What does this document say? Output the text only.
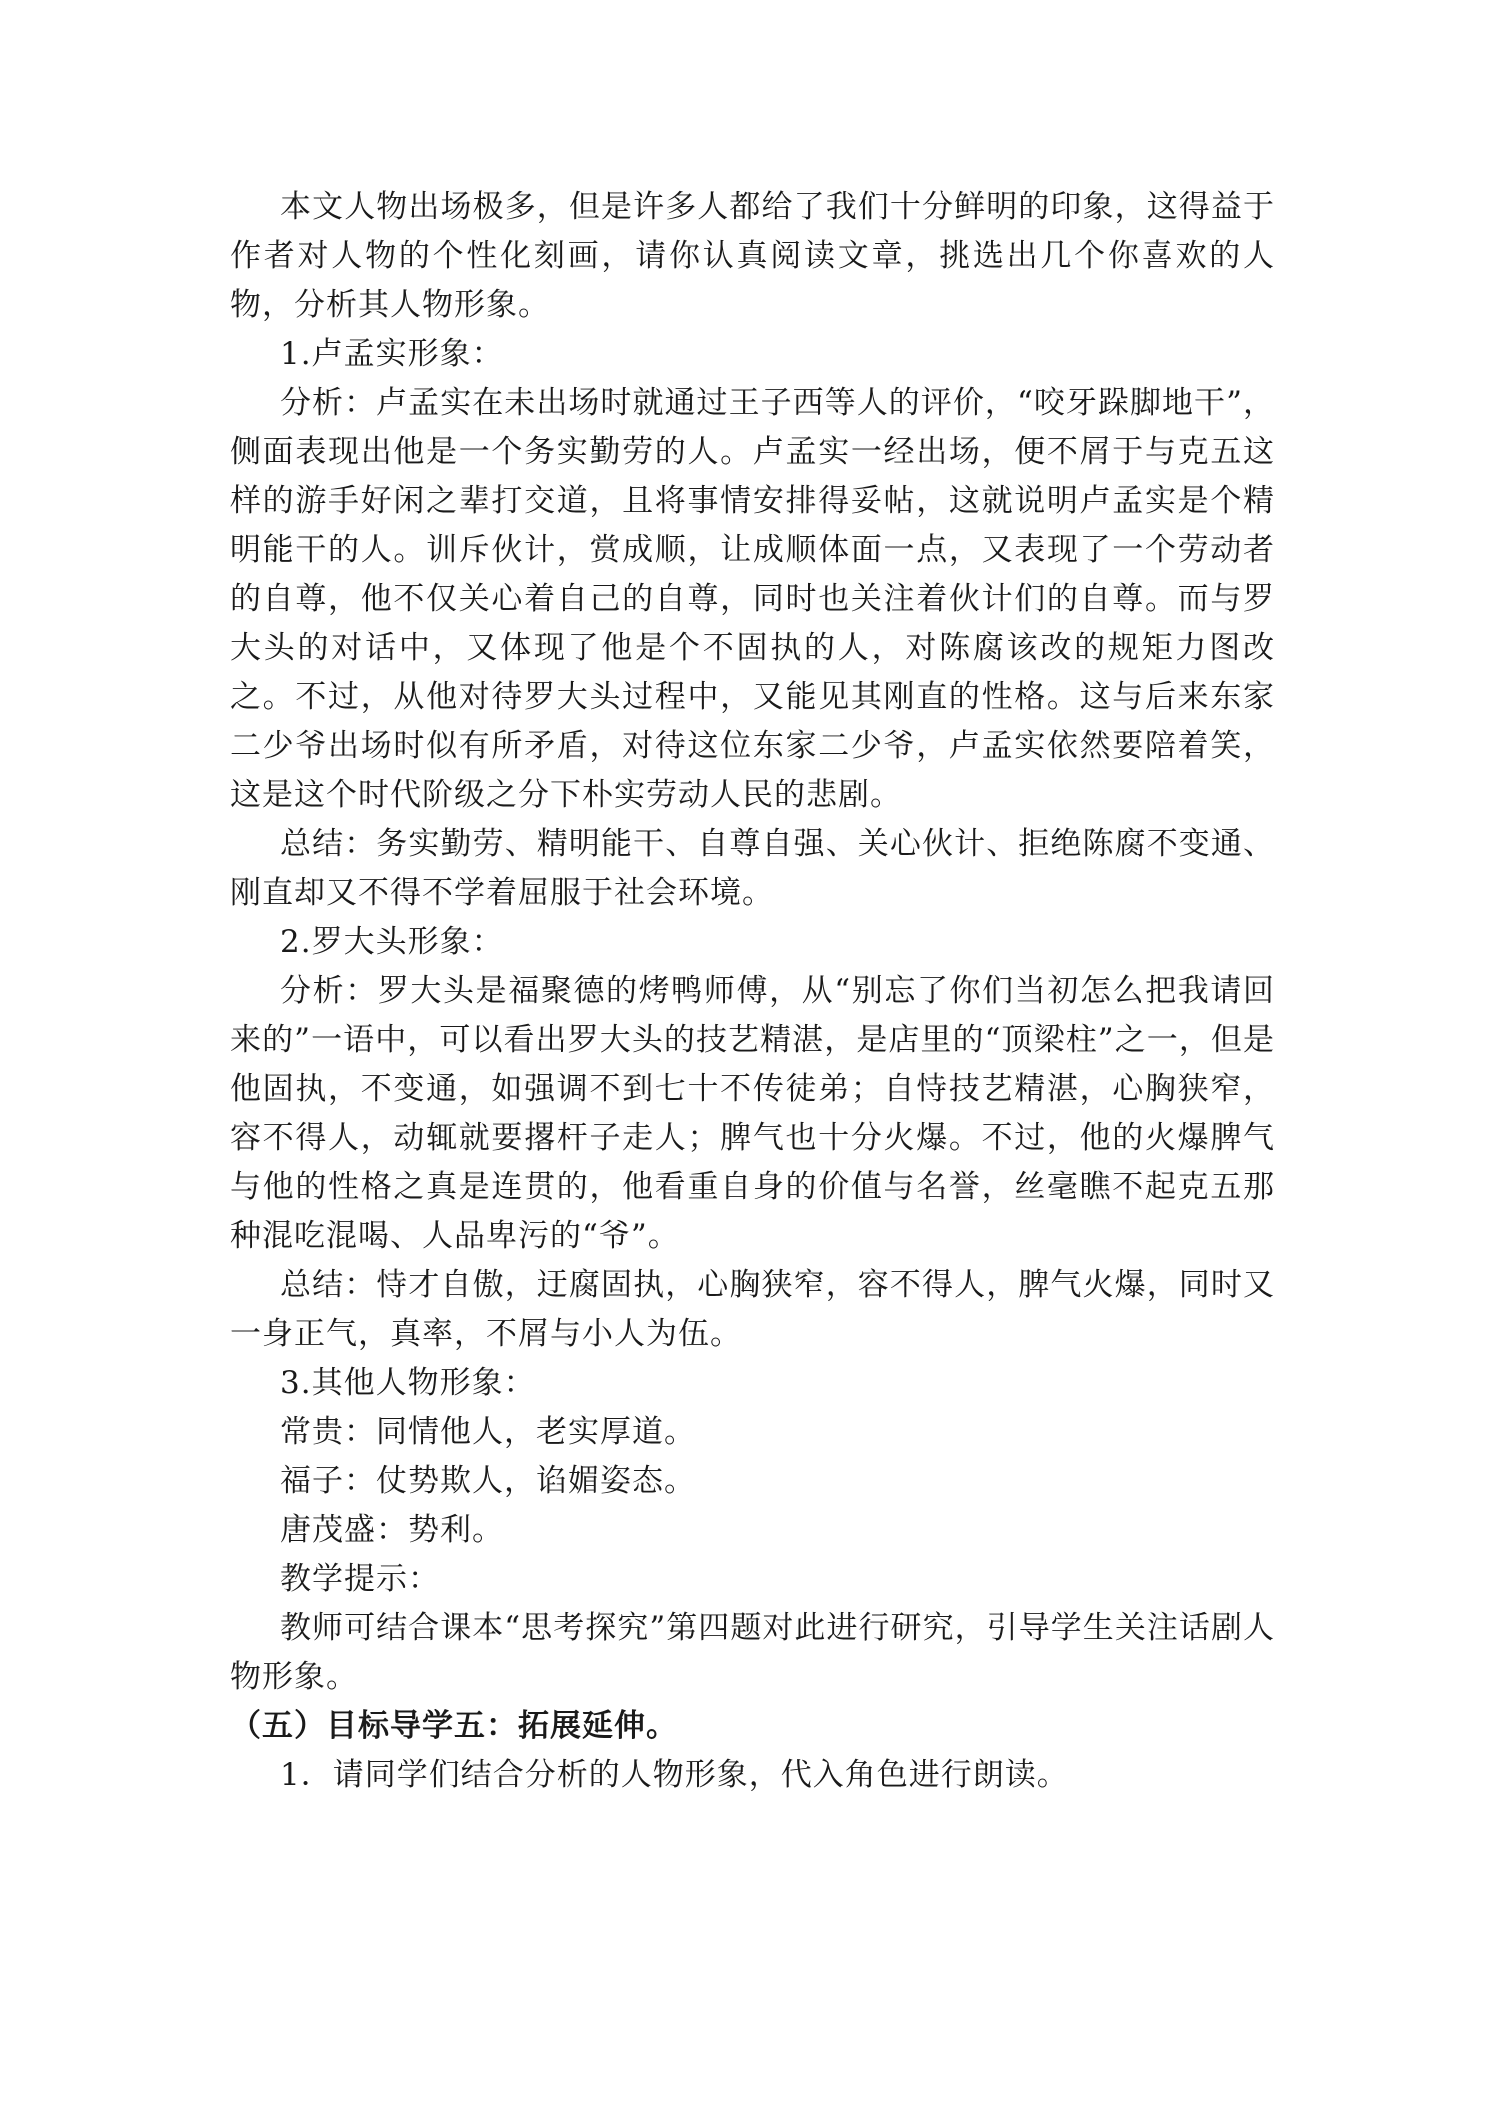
本文人物出场极多，但是许多人都给了我们十分鲜明的印象，这得益于作者对人物的个性化刻画，请你认真阅读文章，挑选出几个你喜欢的人物，分析其人物形象。

1.卢孟实形象：

分析：卢孟实在未出场时就通过王子西等人的评价，“咬牙跺脚地干”，侧面表现出他是一个务实勤劳的人。卢孟实一经出场，便不屑于与克五这样的游手好闲之辈打交道，且将事情安排得妥帖，这就说明卢孟实是个精明能干的人。训斥伙计，赏成顺，让成顺体面一点，又表现了一个劳动者的自尊，他不仅关心着自己的自尊，同时也关注着伙计们的自尊。而与罗大头的对话中，又体现了他是个不固执的人，对陈腐该改的规矩力图改之。不过，从他对待罗大头过程中，又能见其刚直的性格。这与后来东家二少爷出场时似有所矛盾，对待这位东家二少爷，卢孟实依然要陪着笑，这是这个时代阶级之分下朴实劳动人民的悲剧。

总结：务实勤劳、精明能干、自尊自强、关心伙计、拒绝陈腐不变通、刚直却又不得不学着屈服于社会环境。

2.罗大头形象：

分析：罗大头是福聚德的烤鸭师傅，从“别忘了你们当初怎么把我请回来的”一语中，可以看出罗大头的技艺精湛，是店里的“顶梁柱”之一，但是他固执，不变通，如强调不到七十不传徒弟；自恃技艺精湛，心胸狭窄，容不得人，动辄就要撂杆子走人；脾气也十分火爆。不过，他的火爆脾气与他的性格之真是连贯的，他看重自身的价值与名誉，丝毫瞧不起克五那种混吃混喝、人品卑污的“爷”。

总结：恃才自傲，迂腐固执，心胸狭窄，容不得人，脾气火爆，同时又一身正气，真率，不屑与小人为伍。

3.其他人物形象：

常贵：同情他人，老实厚道。

福子：仗势欺人，谄媚姿态。

唐茂盛：势利。

教学提示：

教师可结合课本“思考探究”第四题对此进行研究，引导学生关注话剧人物形象。

（五）目标导学五：拓展延伸。

1．请同学们结合分析的人物形象，代入角色进行朗读。
